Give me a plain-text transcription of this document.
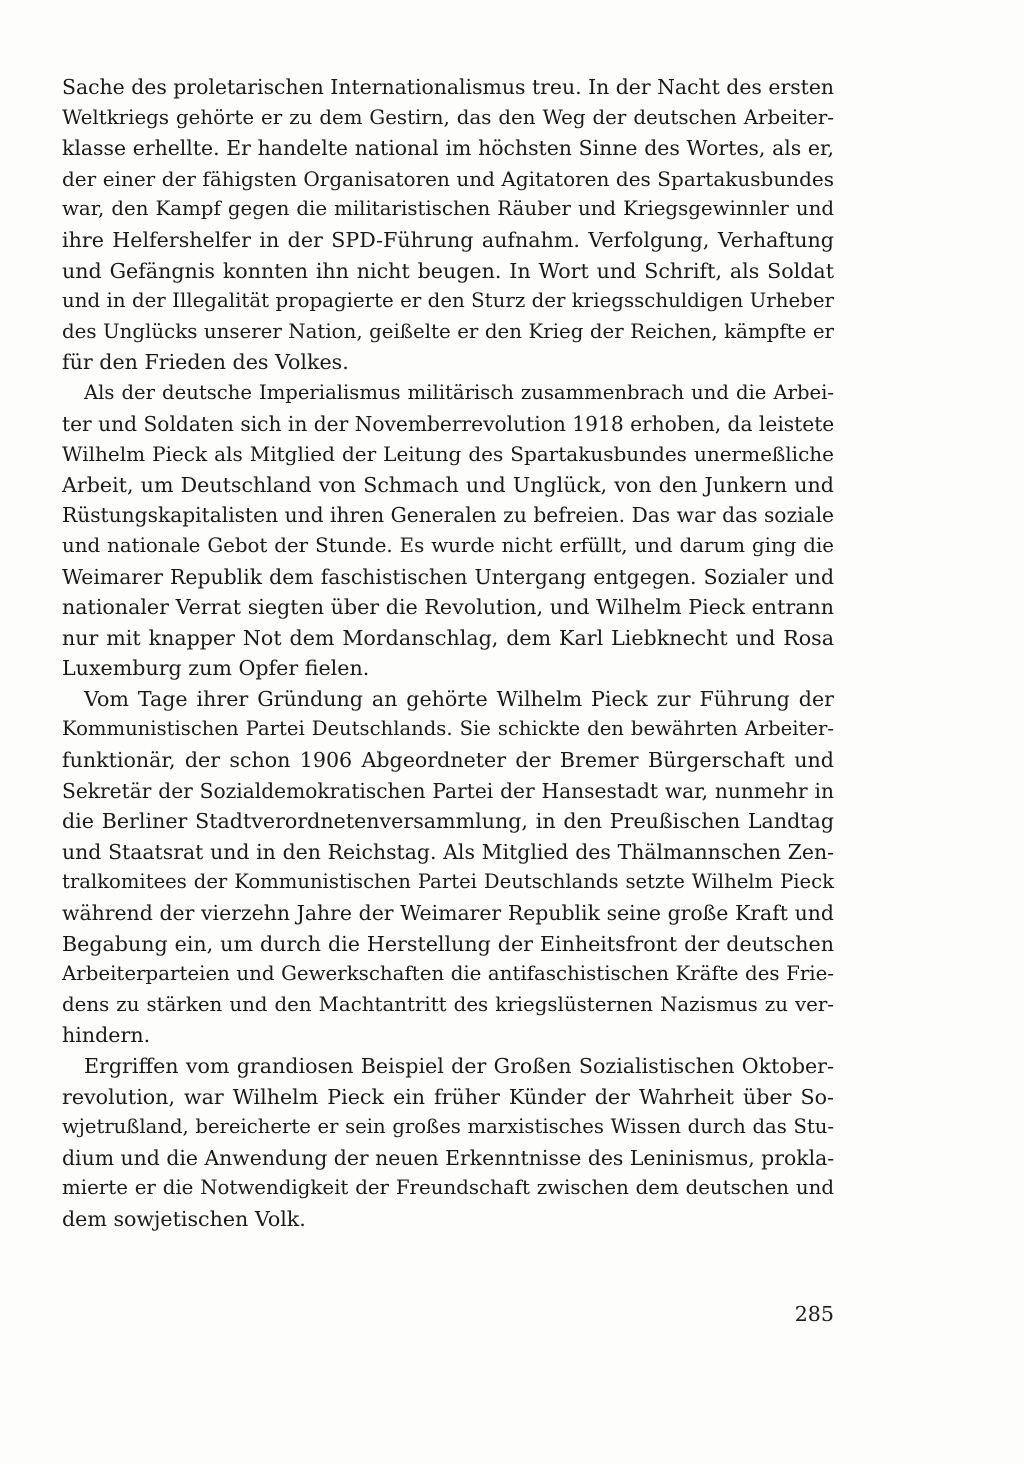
Sache des proletarischen Internationalismus treu. In der Nacht des ersten
Weltkriegs gehörte er zu dem Gestirn, das den Weg der deutschen Arbeiter-
klasse erhellte. Er handelte national im höchsten Sinne des Wortes, als er,
der einer der fähigsten Organisatoren und Agitatoren des Spartakusbundes
war, den Kampf gegen die militaristischen Räuber und Kriegsgewinnler und
ihre Helfershelfer in der SPD-Führung aufnahm. Verfolgung, Verhaftung
und Gefängnis konnten ihn nicht beugen. In Wort und Schrift, als Soldat
und in der Illegalität propagierte er den Sturz der kriegsschuldigen Urheber
des Unglücks unserer Nation, geißelte er den Krieg der Reichen, kämpfte er
für den Frieden des Volkes.
Als der deutsche Imperialismus militärisch zusammenbrach und die Arbei-
ter und Soldaten sich in der Novemberrevolution 1918 erhoben, da leistete
Wilhelm Pieck als Mitglied der Leitung des Spartakusbundes unermeßliche
Arbeit, um Deutschland von Schmach und Unglück, von den Junkern und
Rüstungskapitalisten und ihren Generalen zu befreien. Das war das soziale
und nationale Gebot der Stunde. Es wurde nicht erfüllt, und darum ging die
Weimarer Republik dem faschistischen Untergang entgegen. Sozialer und
nationaler Verrat siegten über die Revolution, und Wilhelm Pieck entrann
nur mit knapper Not dem Mordanschlag, dem Karl Liebknecht und Rosa
Luxemburg zum Opfer fielen.
Vom Tage ihrer Gründung an gehörte Wilhelm Pieck zur Führung der
Kommunistischen Partei Deutschlands. Sie schickte den bewährten Arbeiter-
funktionär, der schon 1906 Abgeordneter der Bremer Bürgerschaft und
Sekretär der Sozialdemokratischen Partei der Hansestadt war, nunmehr in
die Berliner Stadtverordnetenversammlung, in den Preußischen Landtag
und Staatsrat und in den Reichstag. Als Mitglied des Thälmannschen Zen-
tralkomitees der Kommunistischen Partei Deutschlands setzte Wilhelm Pieck
während der vierzehn Jahre der Weimarer Republik seine große Kraft und
Begabung ein, um durch die Herstellung der Einheitsfront der deutschen
Arbeiterparteien und Gewerkschaften die antifaschistischen Kräfte des Frie-
dens zu stärken und den Machtantritt des kriegslüsternen Nazismus zu ver-
hindern.
Ergriffen vom grandiosen Beispiel der Großen Sozialistischen Oktober-
revolution, war Wilhelm Pieck ein früher Künder der Wahrheit über So-
wjetrußland, bereicherte er sein großes marxistisches Wissen durch das Stu-
dium und die Anwendung der neuen Erkenntnisse des Leninismus, prokla-
mierte er die Notwendigkeit der Freundschaft zwischen dem deutschen und
dem sowjetischen Volk.
285
